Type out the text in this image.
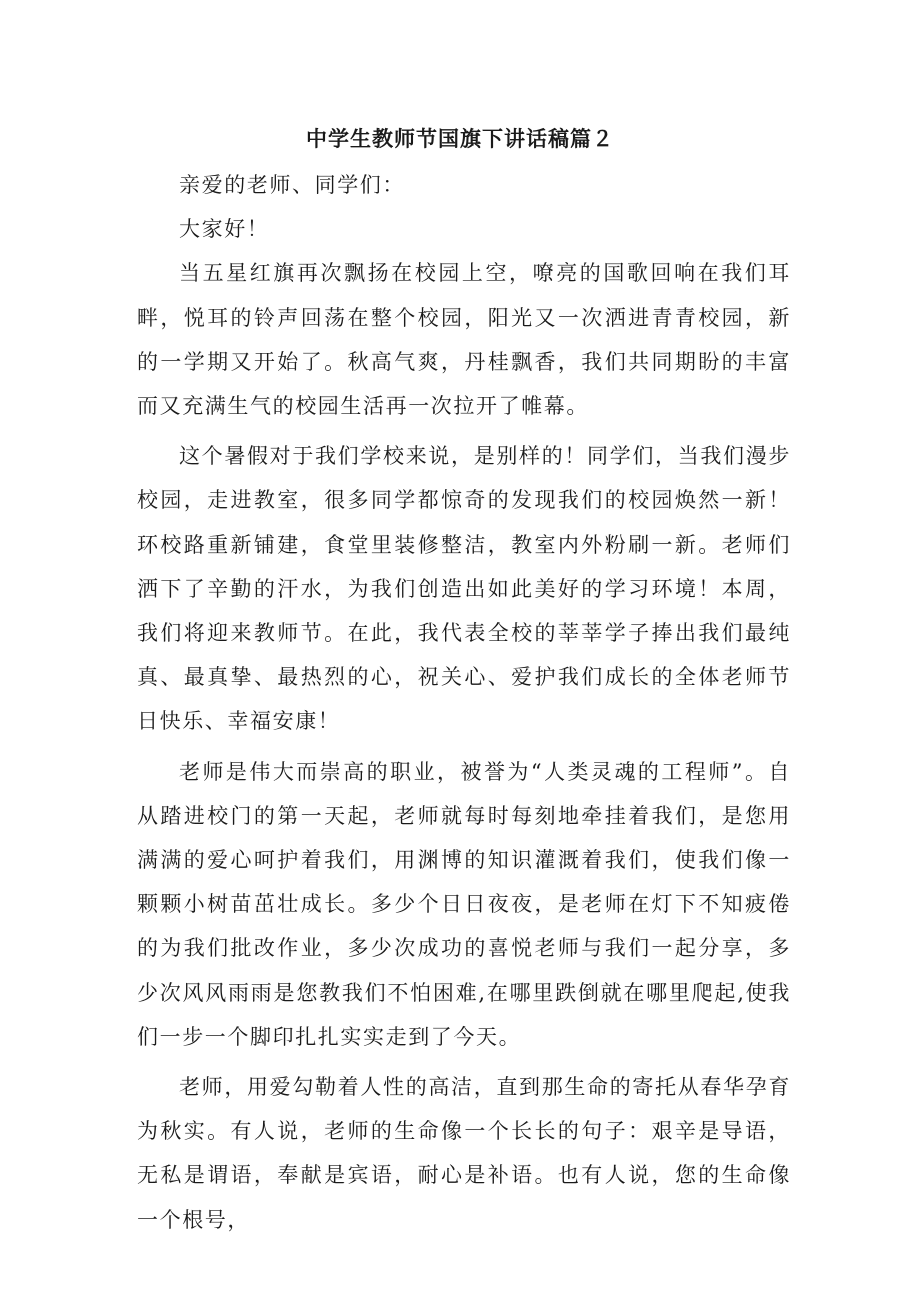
中学生教师节国旗下讲话稿篇２

亲爱的老师、同学们：

大家好！

当五星红旗再次飘扬在校园上空，嘹亮的国歌回响在我们耳畔，悦耳的铃声回荡在整个校园，阳光又一次洒进青青校园，新的一学期又开始了。秋高气爽，丹桂飘香，我们共同期盼的丰富而又充满生气的校园生活再一次拉开了帷幕。

这个暑假对于我们学校来说，是别样的！同学们，当我们漫步校园，走进教室，很多同学都惊奇的发现我们的校园焕然一新！环校路重新铺建，食堂里装修整洁，教室内外粉刷一新。老师们洒下了辛勤的汗水，为我们创造出如此美好的学习环境！本周，我们将迎来教师节。在此，我代表全校的莘莘学子捧出我们最纯真、最真挚、最热烈的心，祝关心、爱护我们成长的全体老师节日快乐、幸福安康！

老师是伟大而崇高的职业，被誉为“人类灵魂的工程师”。自从踏进校门的第一天起，老师就每时每刻地牵挂着我们，是您用满满的爱心呵护着我们，用渊博的知识灌溉着我们，使我们像一颗颗小树苗茁壮成长。多少个日日夜夜，是老师在灯下不知疲倦的为我们批改作业，多少次成功的喜悦老师与我们一起分享，多少次风风雨雨是您教我们不怕困难,在哪里跌倒就在哪里爬起,使我们一步一个脚印扎扎实实走到了今天。

老师，用爱勾勒着人性的高洁，直到那生命的寄托从春华孕育为秋实。有人说，老师的生命像一个长长的句子：艰辛是导语，无私是谓语，奉献是宾语，耐心是补语。也有人说，您的生命像一个根号，
